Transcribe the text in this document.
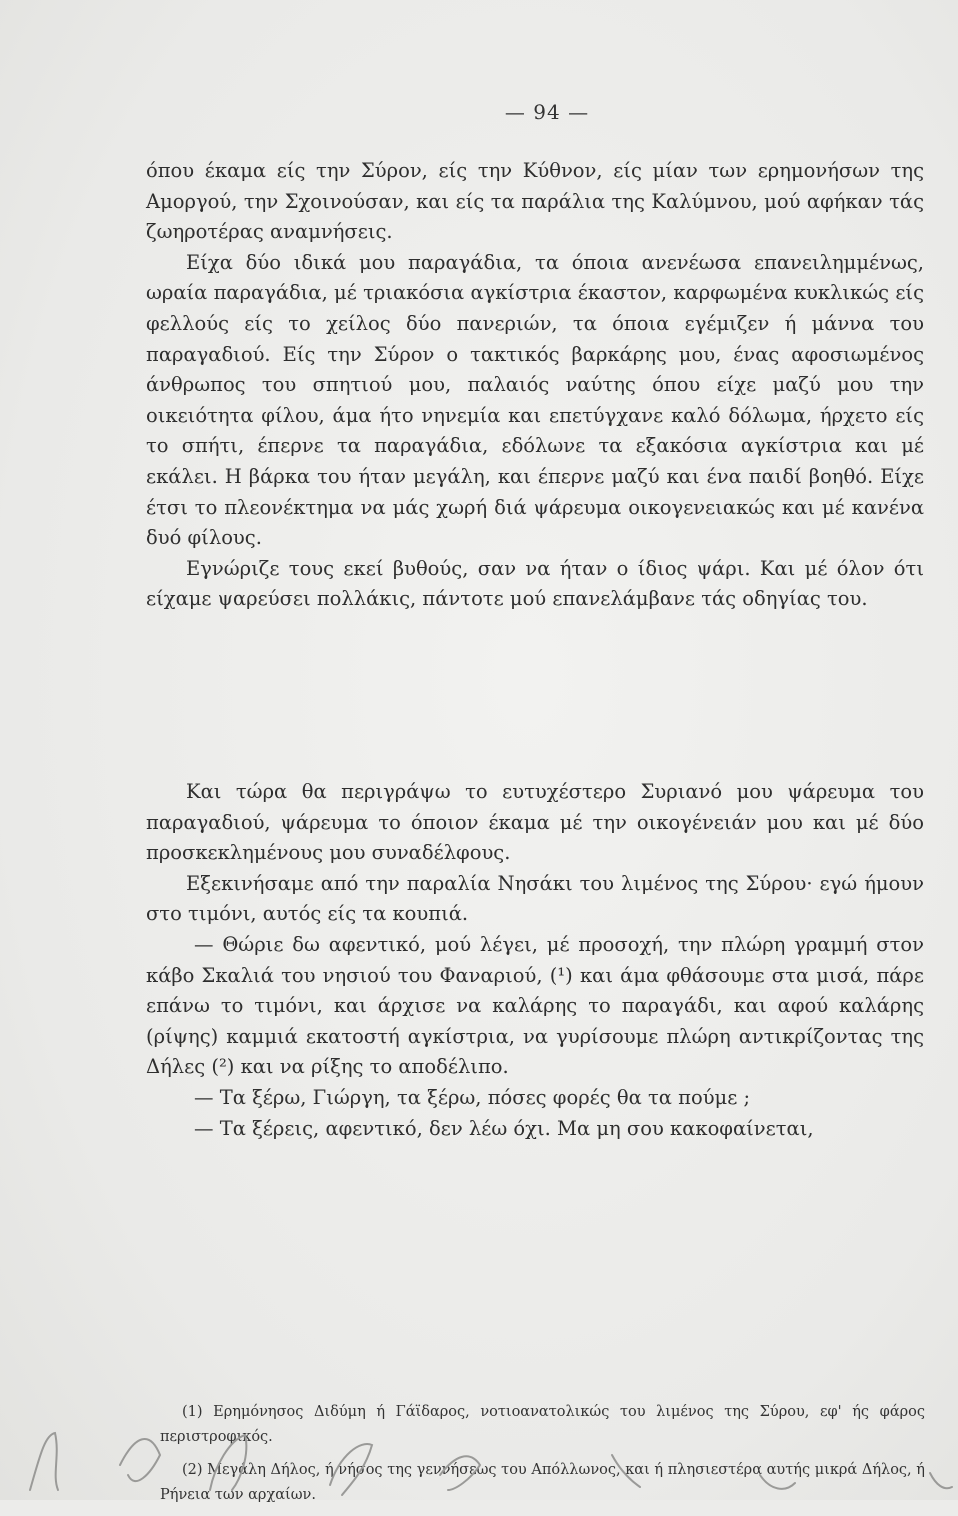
— 94 —

όπου έκαμα είς την Σύρον, είς την Κύθνον, είς μίαν των ερημονήσων της Αμοργού, την Σχοινούσαν, και είς τα παράλια της Καλύμνου, μού αφήκαν τάς ζωηροτέρας αναμνήσεις.

Είχα δύο ιδικά μου παραγάδια, τα όποια ανενέωσα επανειλημμένως, ωραία παραγάδια, μέ τριακόσια αγκίστρια έκαστον, καρφωμένα κυκλικώς είς φελλούς είς το χείλος δύο πανεριών, τα όποια εγέμιζεν ή μάννα του παραγαδιού. Είς την Σύρον ο τακτικός βαρκάρης μου, ένας αφοσιωμένος άνθρωπος του σπητιού μου, παλαιός ναύτης όπου είχε μαζύ μου την οικειότητα φίλου, άμα ήτο νηνεμία και επετύγχανε καλό δόλωμα, ήρχετο είς το σπήτι, έπερνε τα παραγάδια, εδόλωνε τα εξακόσια αγκίστρια και μέ εκάλει. Η βάρκα του ήταν μεγάλη, και έπερνε μαζύ και ένα παιδί βοηθό. Είχε έτσι το πλεονέκτημα να μάς χωρή διά ψάρευμα οικογενειακώς και μέ κανένα δυό φίλους.

Εγνώριζε τους εκεί βυθούς, σαν να ήταν ο ίδιος ψάρι. Και μέ όλον ότι είχαμε ψαρεύσει πολλάκις, πάντοτε μού επανελάμβανε τάς οδηγίας του.

Και τώρα θα περιγράψω το ευτυχέστερο Συριανό μου ψάρευμα του παραγαδιού, ψάρευμα το όποιον έκαμα μέ την οικογένειάν μου και μέ δύο προσκεκλημένους μου συναδέλφους.

Εξεκινήσαμε από την παραλία Νησάκι του λιμένος της Σύρου· εγώ ήμουν στο τιμόνι, αυτός είς τα κουπιά.

— Θώριε δω αφεντικό, μού λέγει, μέ προσοχή, την πλώρη γραμμή στον κάβο Σκαλιά του νησιού του Φαναριού, (¹) και άμα φθάσουμε στα μισά, πάρε επάνω το τιμόνι, και άρχισε να καλάρης το παραγάδι, και αφού καλάρης (ρίψης) καμμιά εκατοστή αγκίστρια, να γυρίσουμε πλώρη αντικρίζοντας της Δήλες (²) και να ρίξης το αποδέλιπο.

— Τα ξέρω, Γιώργη, τα ξέρω, πόσες φορές θα τα πούμε ;

— Τα ξέρεις, αφεντικό, δεν λέω όχι. Μα μη σου κακοφαίνεται,

(1) Ερημόνησος Διδύμη ή Γάϊδαρος, νοτιοανατολικώς του λιμένος της Σύρου, εφ' ής φάρος περιστροφικός.

(2) Μεγάλη Δήλος, ή νήσος της γεννήσεως του Απόλλωνος, και ή πλησιεστέρα αυτής μικρά Δήλος, ή Ρήνεια των αρχαίων.
